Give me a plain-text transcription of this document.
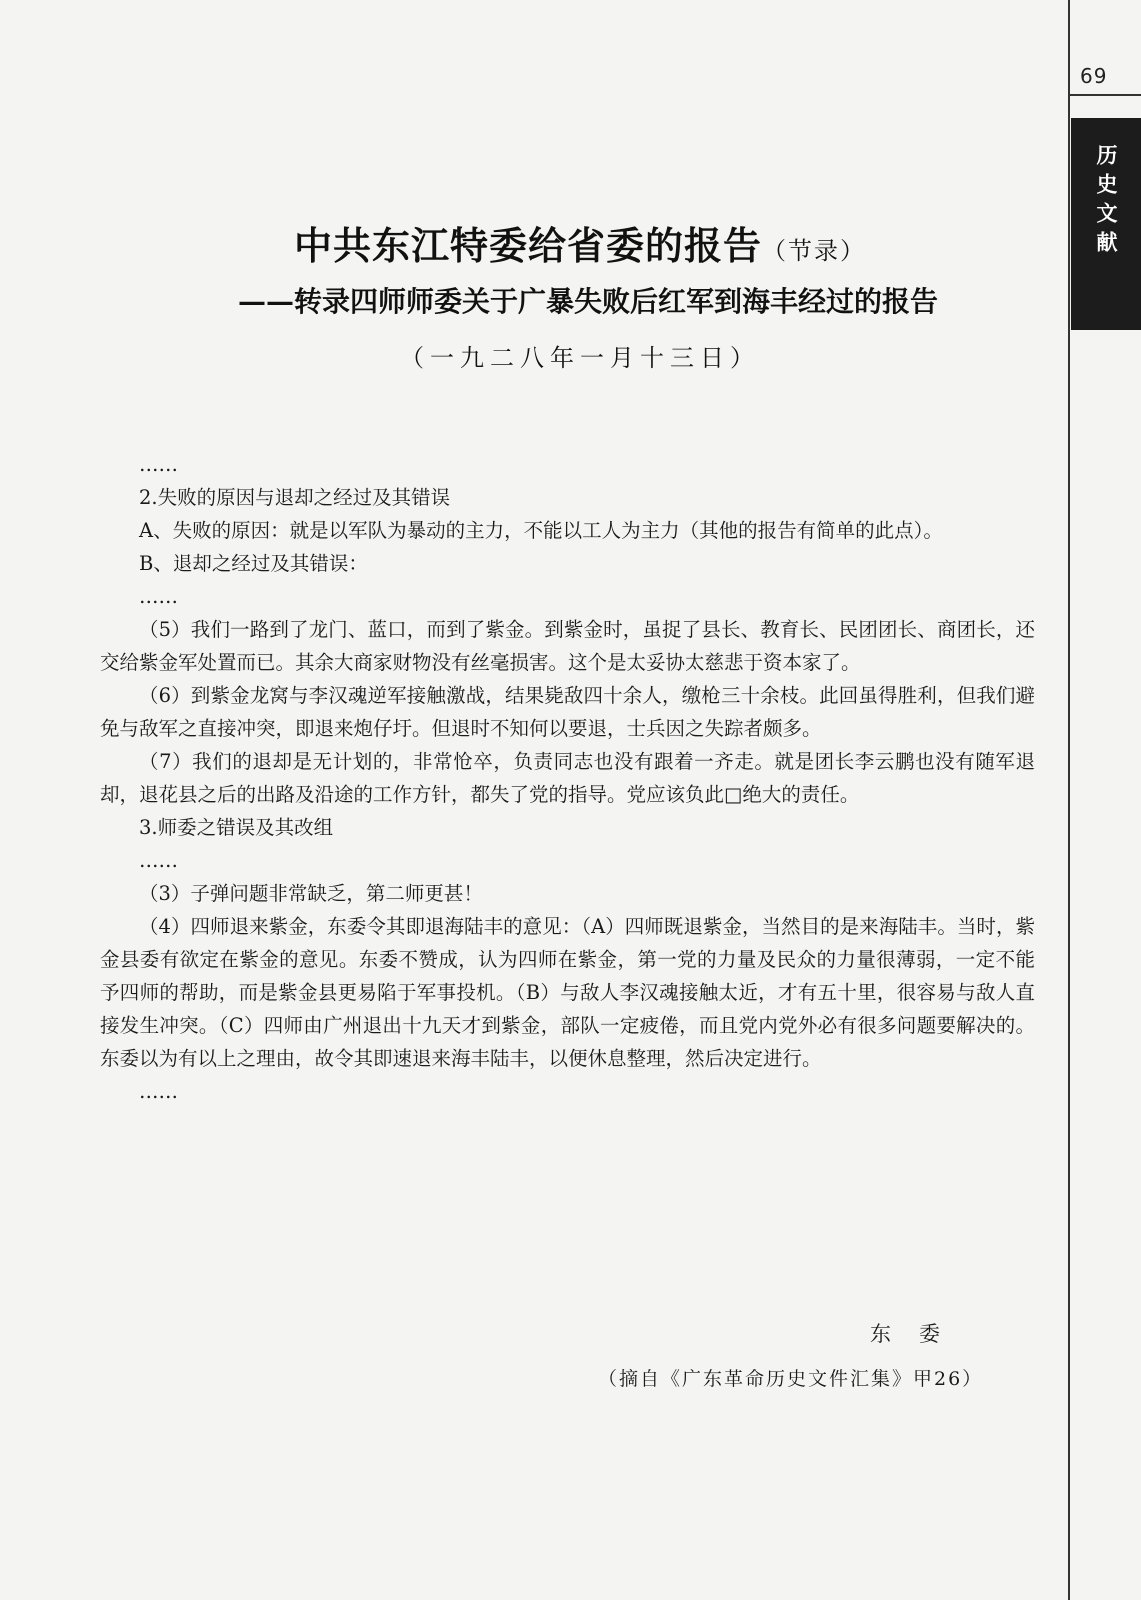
69
历史文献
中共东江特委给省委的报告（节录）
——转录四师师委关于广暴失败后红军到海丰经过的报告
（一九二八年一月十三日）

……

2.失败的原因与退却之经过及其错误

A、失败的原因：就是以军队为暴动的主力，不能以工人为主力（其他的报告有简单的此点）。

B、退却之经过及其错误：

……

（5）我们一路到了龙门、蓝口，而到了紫金。到紫金时，虽捉了县长、教育长、民团团长、商团长，还交给紫金军处置而已。其余大商家财物没有丝毫损害。这个是太妥协太慈悲于资本家了。

（6）到紫金龙窝与李汉魂逆军接触激战，结果毙敌四十余人，缴枪三十余枝。此回虽得胜利，但我们避免与敌军之直接冲突，即退来炮仔圩。但退时不知何以要退，士兵因之失踪者颇多。

（7）我们的退却是无计划的，非常怆卒，负责同志也没有跟着一齐走。就是团长李云鹏也没有随军退却，退花县之后的出路及沿途的工作方针，都失了党的指导。党应该负此□绝大的责任。

3.师委之错误及其改组

……

（3）子弹问题非常缺乏，第二师更甚！

（4）四师退来紫金，东委令其即退海陆丰的意见：（A）四师既退紫金，当然目的是来海陆丰。当时，紫金县委有欲定在紫金的意见。东委不赞成，认为四师在紫金，第一党的力量及民众的力量很薄弱，一定不能予四师的帮助，而是紫金县更易陷于军事投机。（B）与敌人李汉魂接触太近，才有五十里，很容易与敌人直接发生冲突。（C）四师由广州退出十九天才到紫金，部队一定疲倦，而且党内党外必有很多问题要解决的。东委以为有以上之理由，故令其即速退来海丰陆丰，以便休息整理，然后决定进行。

……

东委
（摘自《广东革命历史文件汇集》甲26）
